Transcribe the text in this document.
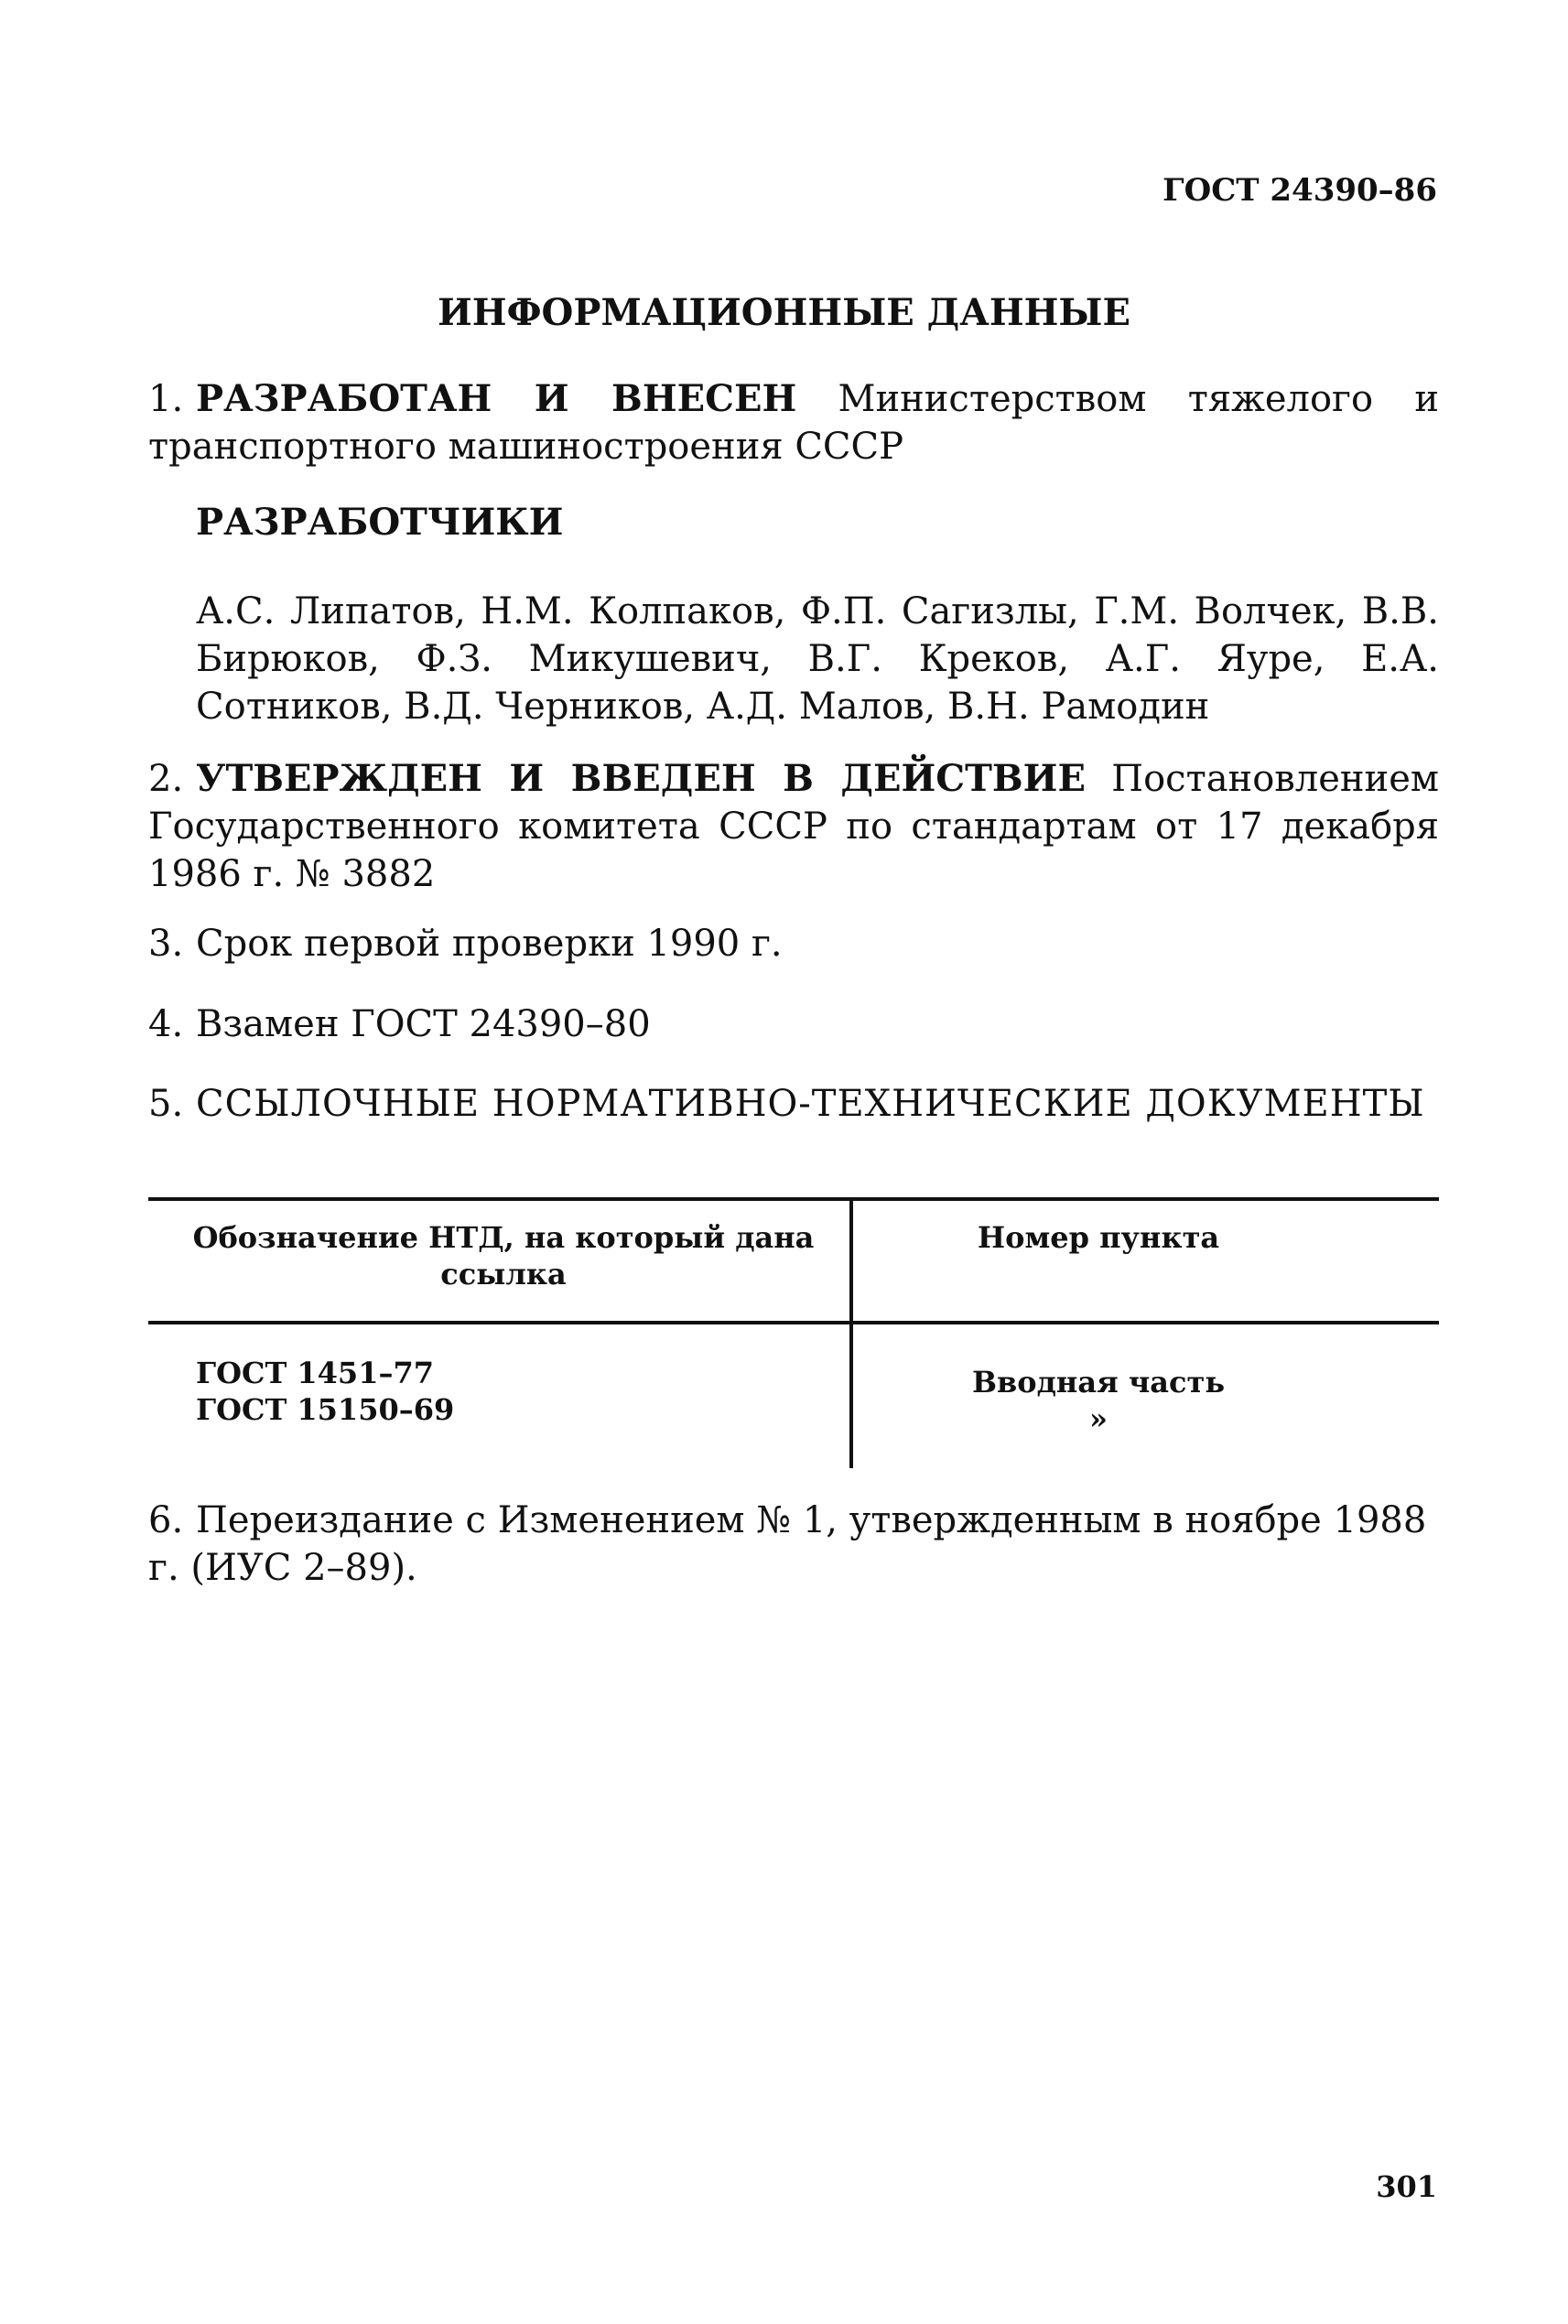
ГОСТ 24390–86
ИНФОРМАЦИОННЫЕ ДАННЫЕ
1. РАЗРАБОТАН И ВНЕСЕН Министерством тяжелого и транспортного машиностроения СССР
РАЗРАБОТЧИКИ
А.С. Липатов, Н.М. Колпаков, Ф.П. Сагизлы, Г.М. Волчек, В.В. Бирюков, Ф.З. Микушевич, В.Г. Креков, А.Г. Яуре, Е.А. Сотников, В.Д. Черников, А.Д. Малов, В.Н. Рамодин
2. УТВЕРЖДЕН И ВВЕДЕН В ДЕЙСТВИЕ Постановлением Государственного комитета СССР по стандартам от 17 декабря 1986 г. № 3882
3. Срок первой проверки 1990 г.
4. Взамен ГОСТ 24390–80
5. ССЫЛОЧНЫЕ НОРМАТИВНО-ТЕХНИЧЕСКИЕ ДОКУМЕНТЫ
Обозначение НТД, на который дана ссылка
Номер пункта
ГОСТ 1451–77
ГОСТ 15150–69
Вводная часть
»
6. Переиздание с Изменением № 1, утвержденным в ноябре 1988 г. (ИУС 2–89).
301
